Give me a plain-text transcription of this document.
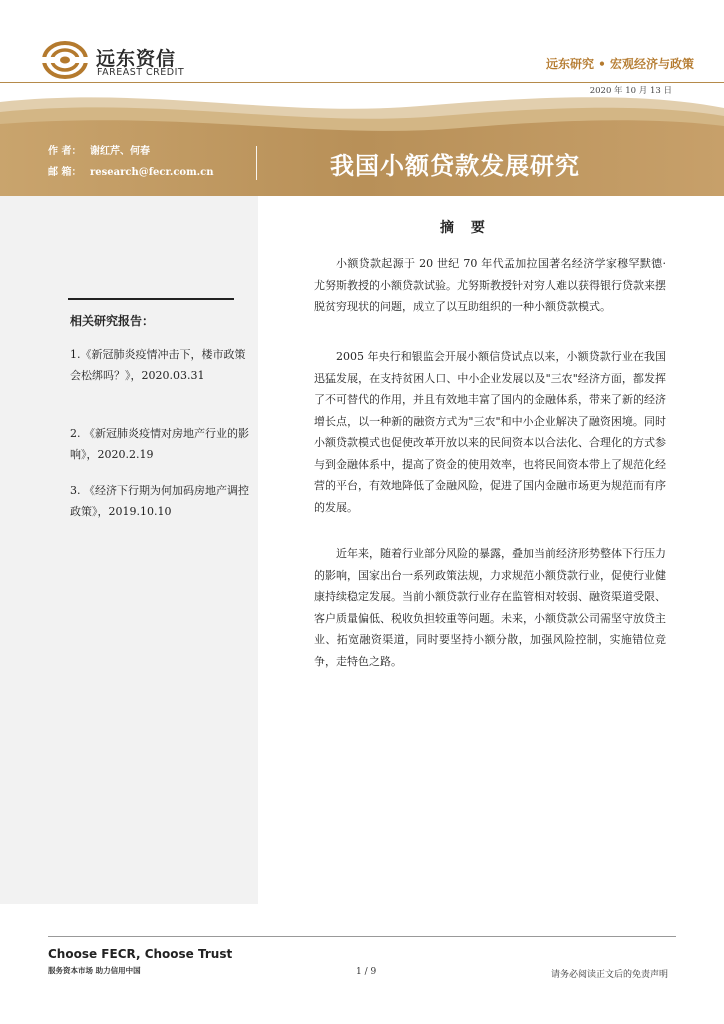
远东资信
FAREAST CREDIT
远东研究 • 宏观经济与政策
2020 年 10 月 13 日
作 者： 谢红芹、何春
邮 箱： research@fecr.com.cn	我国小额贷款发展研究
相关研究报告：
1.《新冠肺炎疫情冲击下，楼市政策会松绑吗？》，2020.03.31
2. 《新冠肺炎疫情对房地产行业的影响》，2020.2.19
3. 《经济下行期为何加码房地产调控政策》，2019.10.10
摘 要

小额贷款起源于 20 世纪 70 年代孟加拉国著名经济学家穆罕默德·尤努斯教授的小额贷款试验。尤努斯教授针对穷人难以获得银行贷款来摆脱贫穷现状的问题，成立了以互助组织的一种小额贷款模式。

2005 年央行和银监会开展小额信贷试点以来，小额贷款行业在我国迅猛发展，在支持贫困人口、中小企业发展以及"三农"经济方面，都发挥了不可替代的作用，并且有效地丰富了国内的金融体系，带来了新的经济增长点，以一种新的融资方式为"三农"和中小企业解决了融资困境。同时小额贷款模式也促使改革开放以来的民间资本以合法化、合理化的方式参与到金融体系中，提高了资金的使用效率，也将民间资本带上了规范化经营的平台，有效地降低了金融风险，促进了国内金融市场更为规范而有序的发展。

近年来，随着行业部分风险的暴露，叠加当前经济形势整体下行压力的影响，国家出台一系列政策法规，力求规范小额贷款行业，促使行业健康持续稳定发展。当前小额贷款行业存在监管相对较弱、融资渠道受限、客户质量偏低、税收负担较重等问题。未来，小额贷款公司需坚守放贷主业、拓宽融资渠道，同时要坚持小额分散，加强风险控制，实施错位竞争，走特色之路。

Choose FECR, Choose Trust
服务资本市场 助力信用中国	1 / 9	请务必阅读正文后的免责声明
